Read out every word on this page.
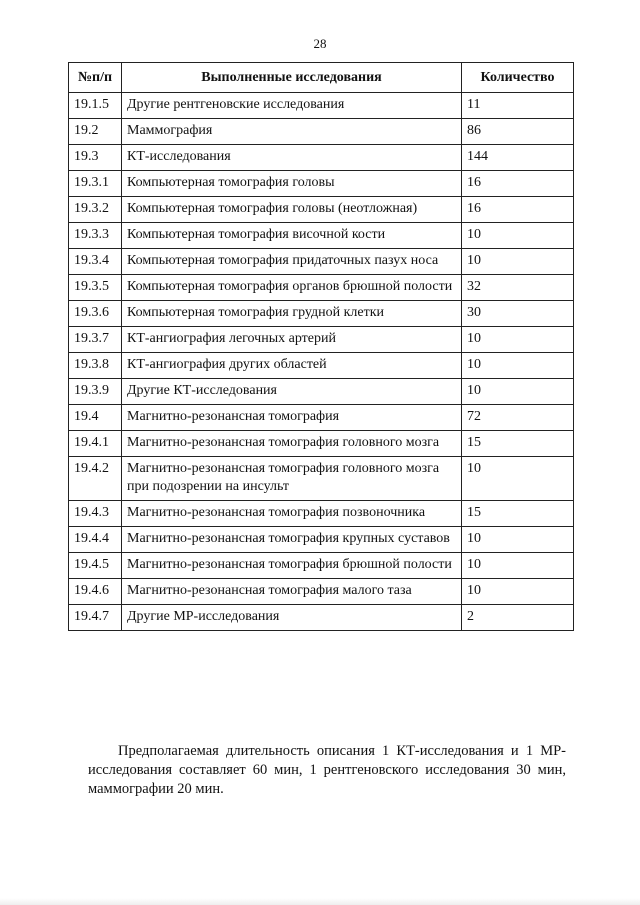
28
№п/п	Выполненные исследования	Количество
19.1.5	Другие рентгеновские исследования	11
19.2	Маммография	86
19.3	КТ-исследования	144
19.3.1	Компьютерная томография головы	16
19.3.2	Компьютерная томография головы (неотложная)	16
19.3.3	Компьютерная томография височной кости	10
19.3.4	Компьютерная томография придаточных пазух носа	10
19.3.5	Компьютерная томография органов брюшной полости	32
19.3.6	Компьютерная томография грудной клетки	30
19.3.7	КТ-ангиография легочных артерий	10
19.3.8	КТ-ангиография других областей	10
19.3.9	Другие КТ-исследования	10
19.4	Магнитно-резонансная томография	72
19.4.1	Магнитно-резонансная томография головного мозга	15
19.4.2	Магнитно-резонансная томография головного мозга при подозрении на инсульт	10
19.4.3	Магнитно-резонансная томография позвоночника	15
19.4.4	Магнитно-резонансная томография крупных суставов	10
19.4.5	Магнитно-резонансная томография брюшной полости	10
19.4.6	Магнитно-резонансная томография малого таза	10
19.4.7	Другие МР-исследования	2
Предполагаемая длительность описания 1 КТ-исследования и 1 МР-исследования составляет 60 мин, 1 рентгеновского исследования 30 мин, маммографии 20 мин.
